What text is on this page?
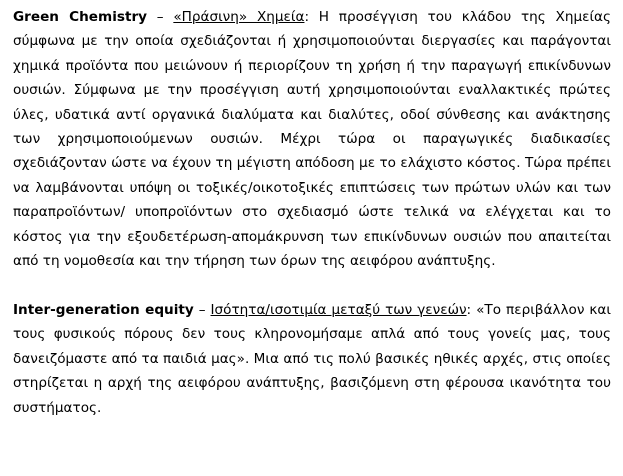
Green Chemistry – «Πράσινη» Χημεία: Η προσέγγιση του κλάδου της Χημείας σύμφωνα με την οποία σχεδιάζονται ή χρησιμοποιούνται διεργασίες και παράγονται χημικά προϊόντα που μειώνουν ή περιορίζουν τη χρήση ή την παραγωγή επικίνδυνων ουσιών. Σύμφωνα με την προσέγγιση αυτή χρησιμοποιούνται εναλλακτικές πρώτες ύλες, υδατικά αντί οργανικά διαλύματα και διαλύτες, οδοί σύνθεσης και ανάκτησης των χρησιμοποιούμενων ουσιών. Μέχρι τώρα οι παραγωγικές διαδικασίες σχεδιάζονταν ώστε να έχουν τη μέγιστη απόδοση με το ελάχιστο κόστος. Τώρα πρέπει να λαμβάνονται υπόψη οι τοξικές/οικοτοξικές επιπτώσεις των πρώτων υλών και των παραπροϊόντων/ υποπροϊόντων στο σχεδιασμό ώστε τελικά να ελέγχεται και το κόστος για την εξουδετέρωση-απομάκρυνση των επικίνδυνων ουσιών που απαιτείται από τη νομοθεσία και την τήρηση των όρων της αειφόρου ανάπτυξης.

Inter-generation equity – Ισότητα/ισοτιμία μεταξύ των γενεών: «Το περιβάλλον και τους φυσικούς πόρους δεν τους κληρονομήσαμε απλά από τους γονείς μας, τους δανειζόμαστε από τα παιδιά μας». Μια από τις πολύ βασικές ηθικές αρχές, στις οποίες στηρίζεται η αρχή της αειφόρου ανάπτυξης, βασιζόμενη στη φέρουσα ικανότητα του συστήματος.
